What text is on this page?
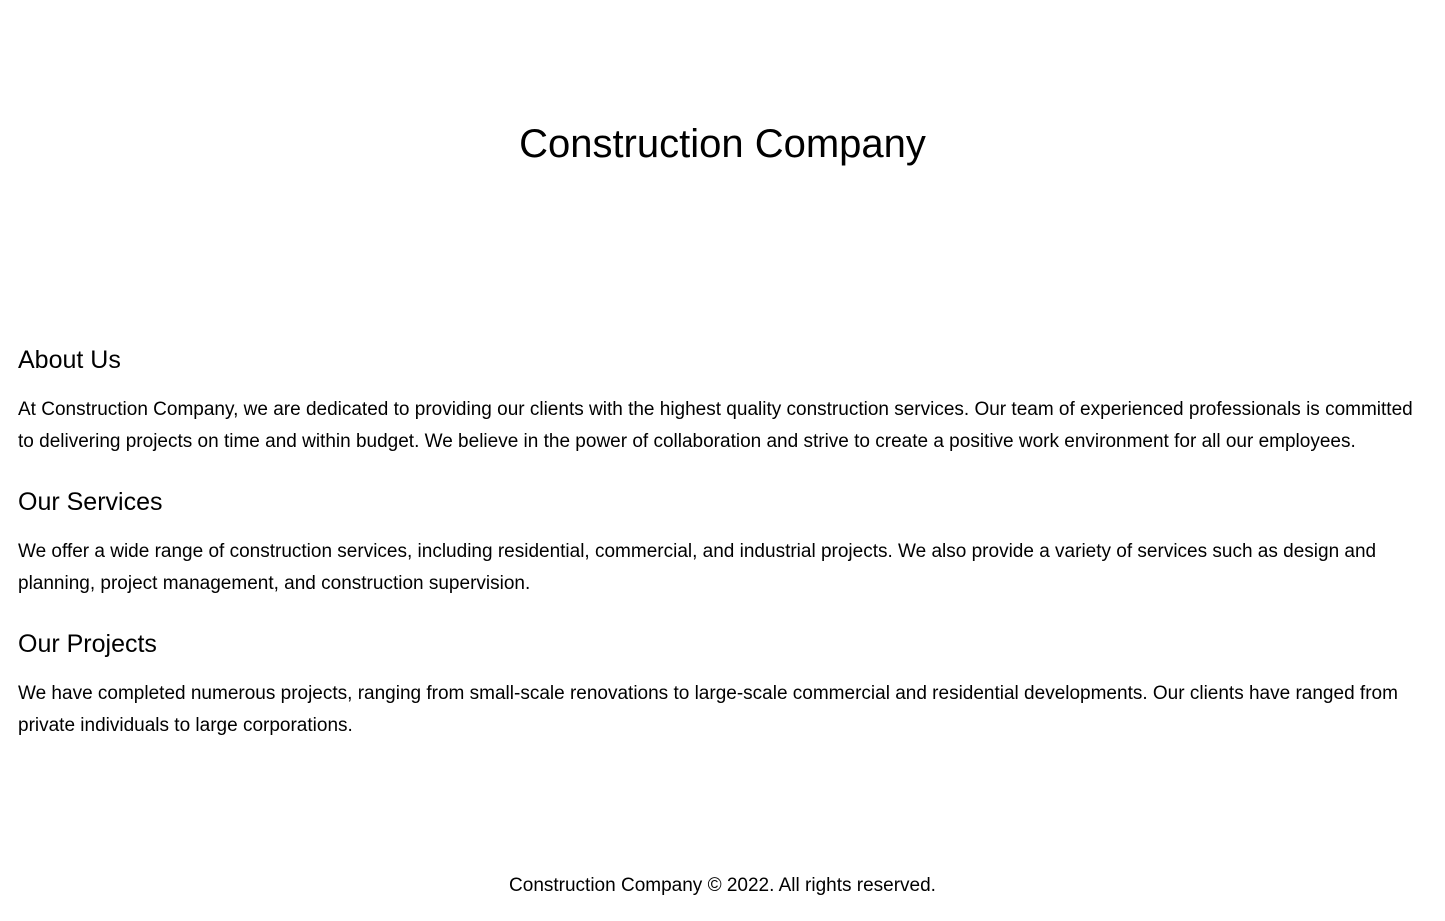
Construction Company
About Us

At Construction Company, we are dedicated to providing our clients with the highest quality construction services. Our team of experienced professionals is committed to delivering projects on time and within budget. We believe in the power of collaboration and strive to create a positive work environment for all our employees.

Our Services

We offer a wide range of construction services, including residential, commercial, and industrial projects. We also provide a variety of services such as design and planning, project management, and construction supervision.

Our Projects

We have completed numerous projects, ranging from small-scale renovations to large-scale commercial and residential developments. Our clients have ranged from private individuals to large corporations.

Construction Company © 2022. All rights reserved.
